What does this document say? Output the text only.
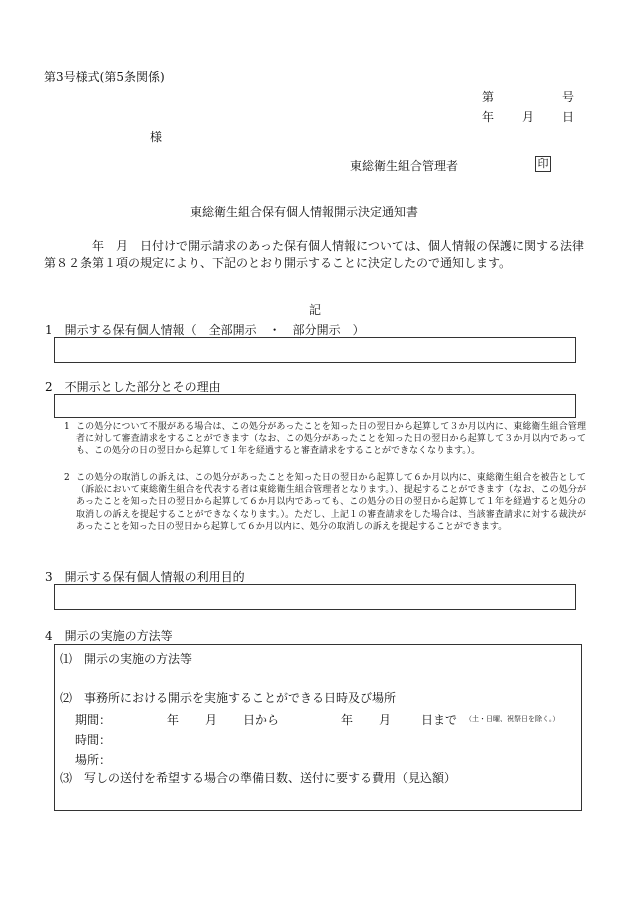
第3号様式(第5条関係)
第	号
年 月 日
様
東総衛生組合管理者	印
東総衛生組合保有個人情報開示決定通知書
年　月　日付けで開示請求のあった保有個人情報については、個人情報の保護に関する法律第８２条第１項の規定により、下記のとおり開示することに決定したので通知します。
記
1　開示する保有個人情報（　全部開示　・　部分開示　）
2　不開示とした部分とその理由
1 この処分について不服がある場合は、この処分があったことを知った日の翌日から起算して３か月以内に、東総衛生組合管理者に対して審査請求をすることができます（なお、この処分があったことを知った日の翌日から起算して３か月以内であっても、この処分の日の翌日から起算して１年を経過すると審査請求をすることができなくなります。）。
2 この処分の取消しの訴えは、この処分があったことを知った日の翌日から起算して６か月以内に、東総衛生組合を被告として（訴訟において東総衛生組合を代表する者は東総衛生組合管理者となります。）、提起することができます（なお、この処分があったことを知った日の翌日から起算して６か月以内であっても、この処分の日の翌日から起算して１年を経過すると処分の取消しの訴えを提起することができなくなります。）。ただし、上記１の審査請求をした場合は、当該審査請求に対する裁決があったことを知った日の翌日から起算して６か月以内に、処分の取消しの訴えを提起することができます。
3　開示する保有個人情報の利用目的
4　開示の実施の方法等
⑴　開示の実施の方法等
⑵　事務所における開示を実施することができる日時及び場所
期間：	年 月 日から	年 月 日まで （土・日曜、祝祭日を除く。）
時間：
場所：
⑶　写しの送付を希望する場合の準備日数、送付に要する費用（見込額）
